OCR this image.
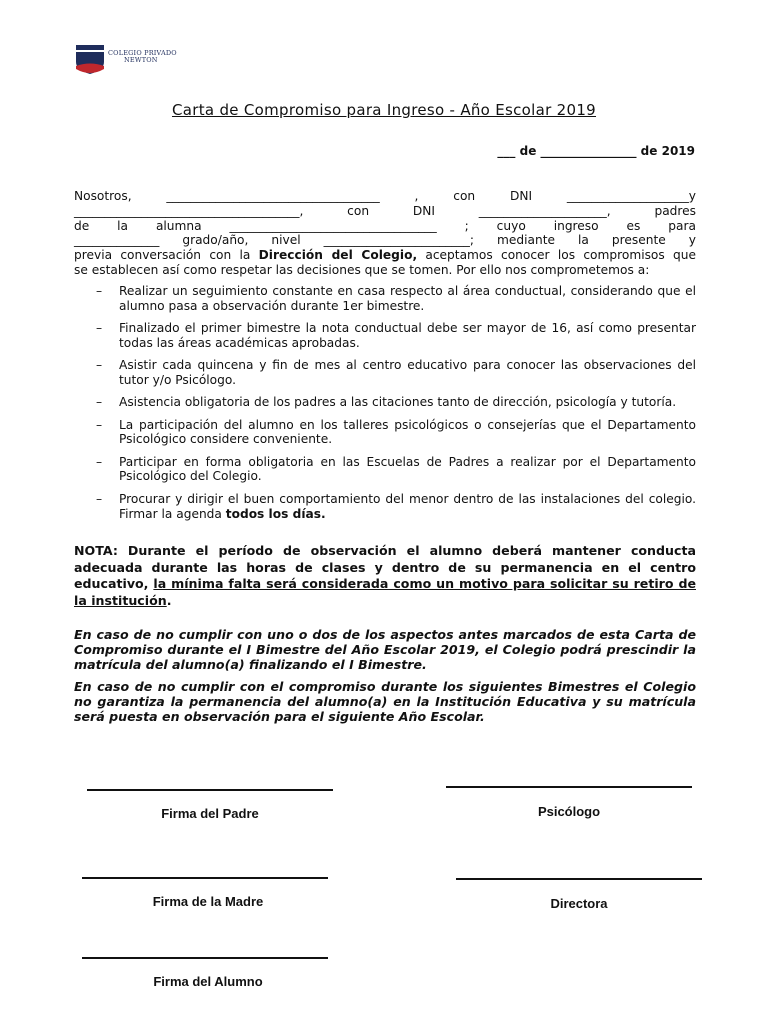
COLEGIO PRIVADO
NEWTON
Carta de Compromiso para Ingreso - Año Escolar 2019
___ de ________________ de 2019
Nosotros, ___________________________________ , con DNI ____________________y
_____________________________________, con DNI _____________________, padres
de la alumna __________________________________ ; cuyo ingreso es para
______________ grado/año, nivel ________________________; mediante la presente y
previa conversación con la Dirección del Colegio, aceptamos conocer los compromisos que
se establecen así como respetar las decisiones que se tomen. Por ello nos comprometemos a:
– Realizar un seguimiento constante en casa respecto al área conductual, considerando que el alumno pasa a observación durante 1er bimestre.
– Finalizado el primer bimestre la nota conductual debe ser mayor de 16, así como presentar todas las áreas académicas aprobadas.
– Asistir cada quincena y fin de mes al centro educativo para conocer las observaciones del tutor y/o Psicólogo.
– Asistencia obligatoria de los padres a las citaciones tanto de dirección, psicología y tutoría.
– La participación del alumno en los talleres psicológicos o consejerías que el Departamento Psicológico considere conveniente.
– Participar en forma obligatoria en las Escuelas de Padres a realizar por el Departamento Psicológico del Colegio.
– Procurar y dirigir el buen comportamiento del menor dentro de las instalaciones del colegio. Firmar la agenda todos los días.
NOTA: Durante el período de observación el alumno deberá mantener conducta adecuada durante las horas de clases y dentro de su permanencia en el centro educativo, la mínima falta será considerada como un motivo para solicitar su retiro de la institución.
En caso de no cumplir con uno o dos de los aspectos antes marcados de esta Carta de Compromiso durante el I Bimestre del Año Escolar 2019, el Colegio podrá prescindir la matrícula del alumno(a) finalizando el I Bimestre.
En caso de no cumplir con el compromiso durante los siguientes Bimestres el Colegio no garantiza la permanencia del alumno(a) en la Institución Educativa y su matrícula será puesta en observación para el siguiente Año Escolar.
Firma del Padre	Psicólogo
Firma de la Madre	Directora
Firma del Alumno
